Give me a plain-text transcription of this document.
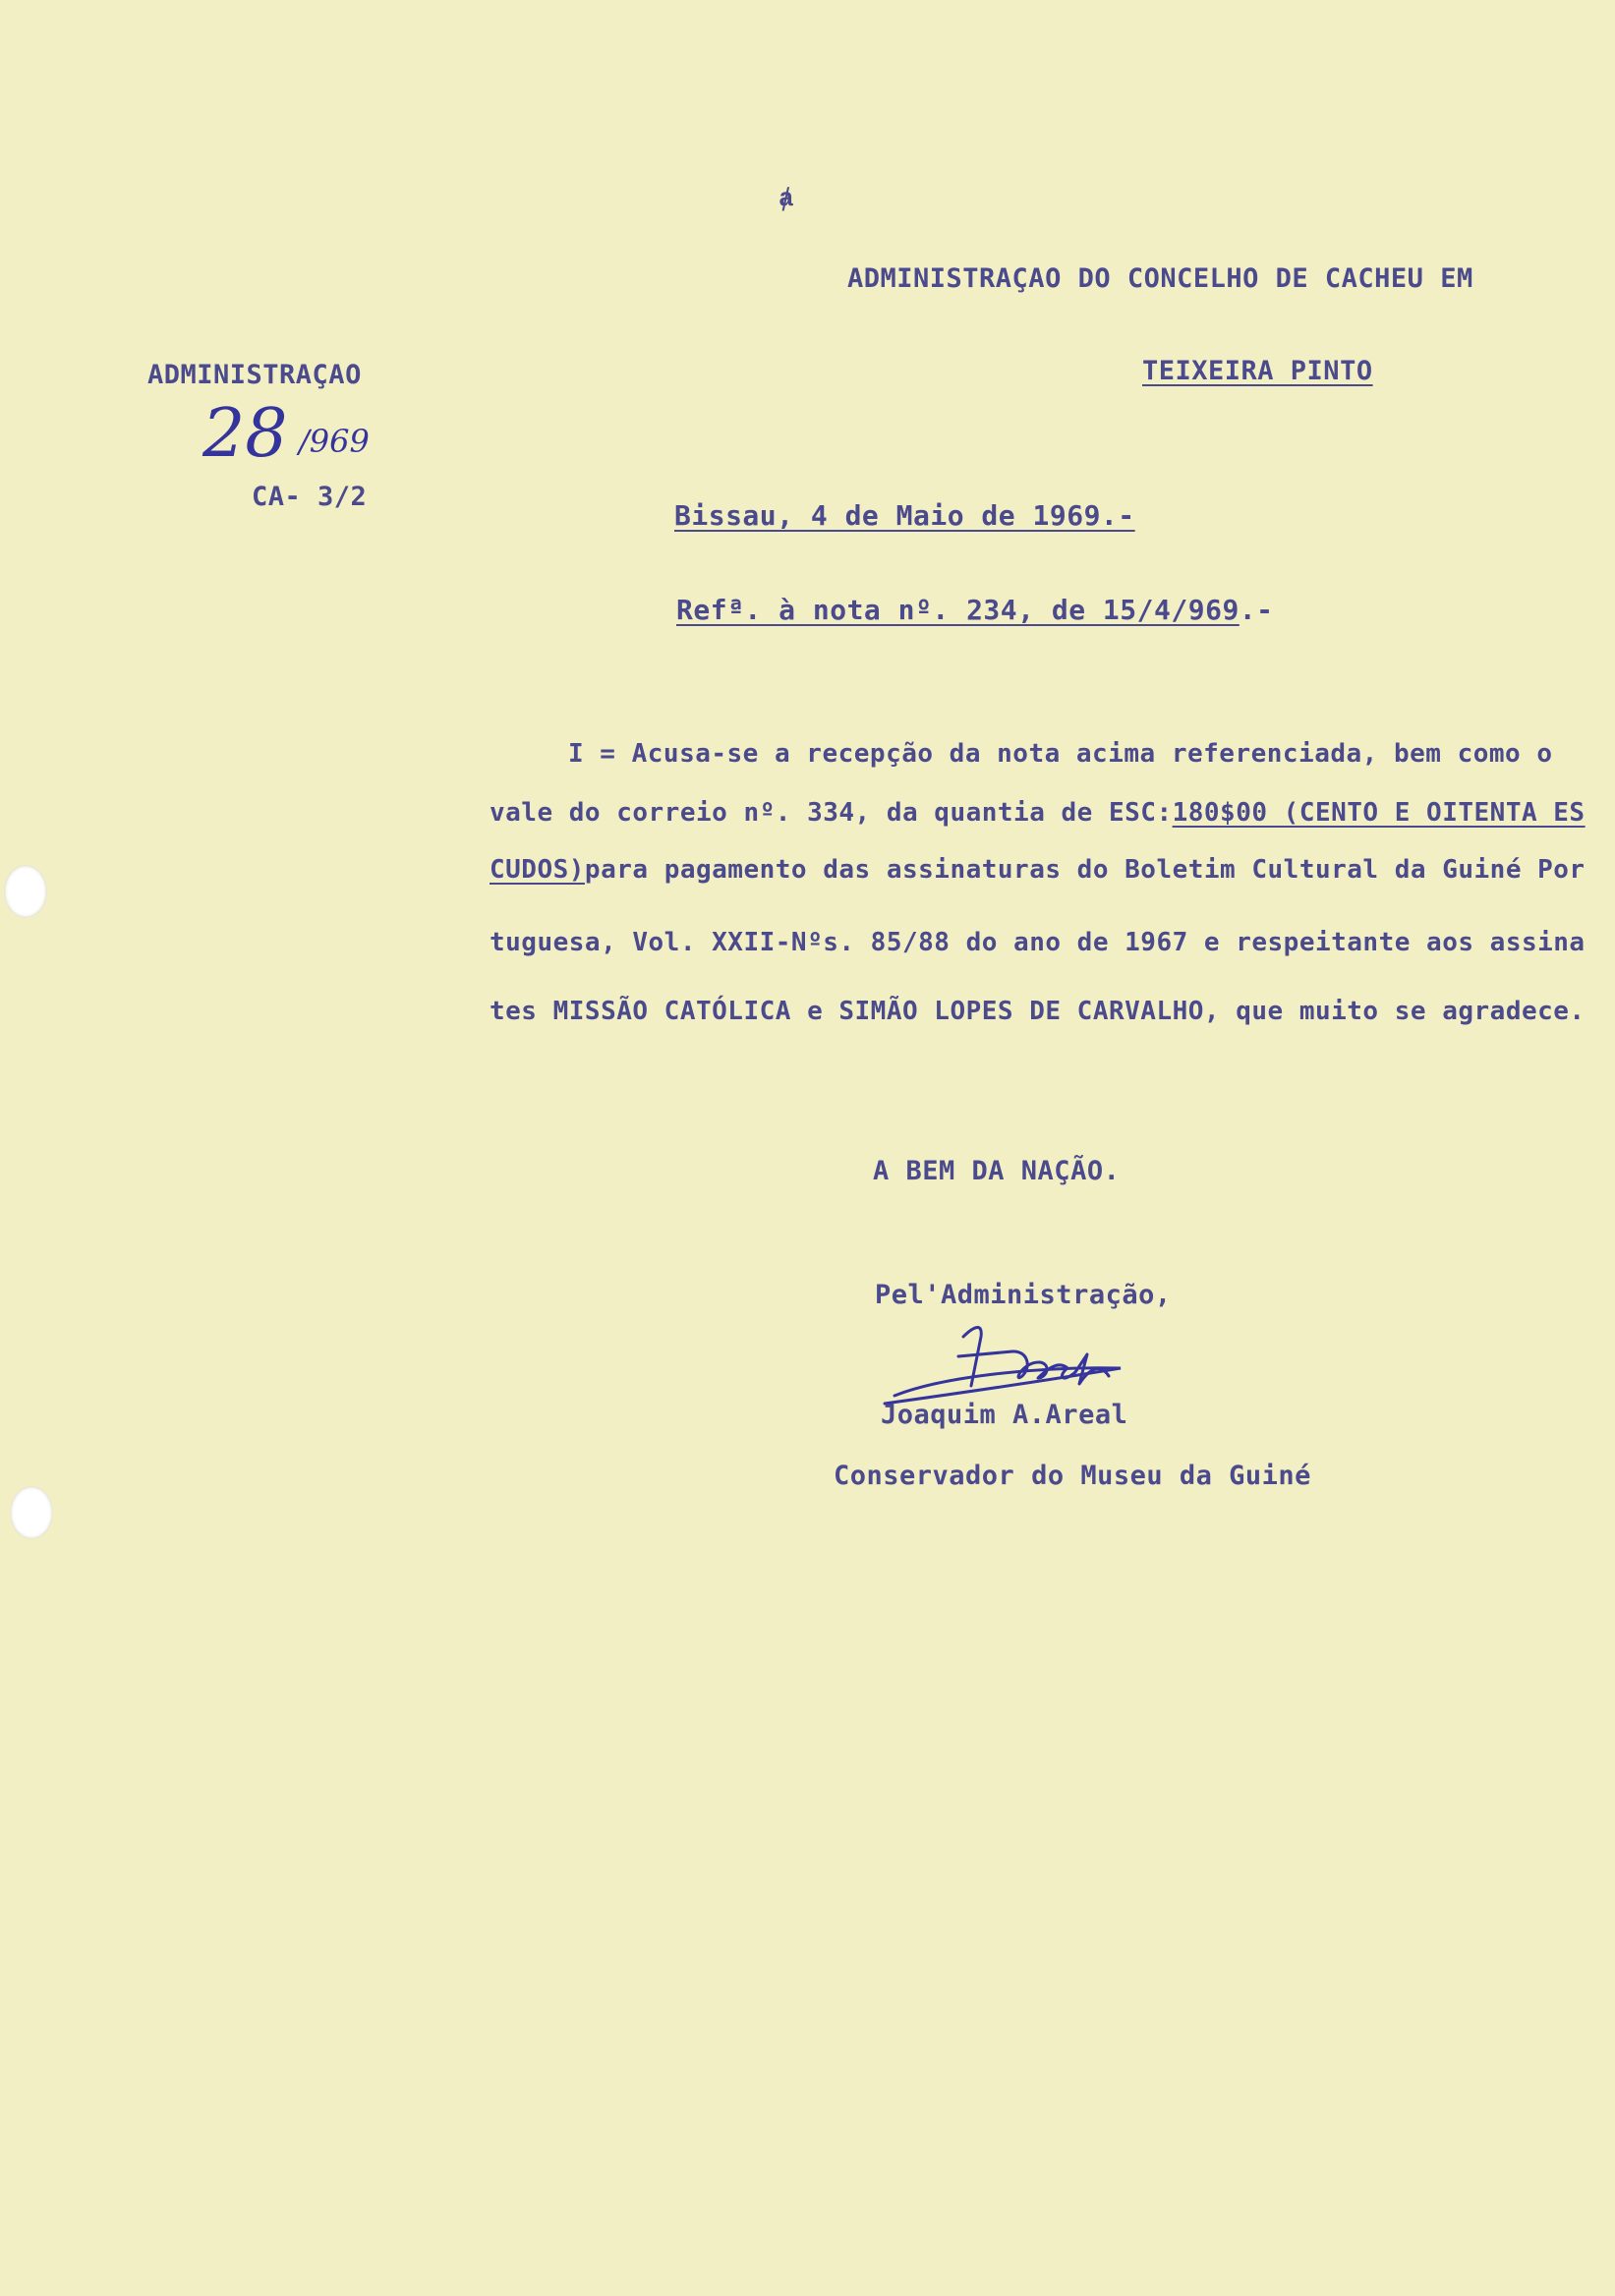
ⱥ
ADMINISTRAÇAO DO CONCELHO DE CACHEU EM
TEIXEIRA PINTO
ADMINISTRAÇAO
28 /969
CA- 3/2
Bissau, 4 de Maio de 1969.-
Refª. à nota nº. 234, de 15/4/969.-
I = Acusa-se a recepção da nota acima referenciada, bem como o
vale do correio nº. 334, da quantia de ESC:180$00 (CENTO E OITENTA ES
CUDOS)para pagamento das assinaturas do Boletim Cultural da Guiné Por
tuguesa, Vol. XXII-Nºs. 85/88 do ano de 1967 e respeitante aos assina
tes MISSÃO CATÓLICA e SIMÃO LOPES DE CARVALHO, que muito se agradece.
A BEM DA NAÇÃO.
Pel'Administração,
Joaquim A.Areal
Conservador do Museu da Guiné
